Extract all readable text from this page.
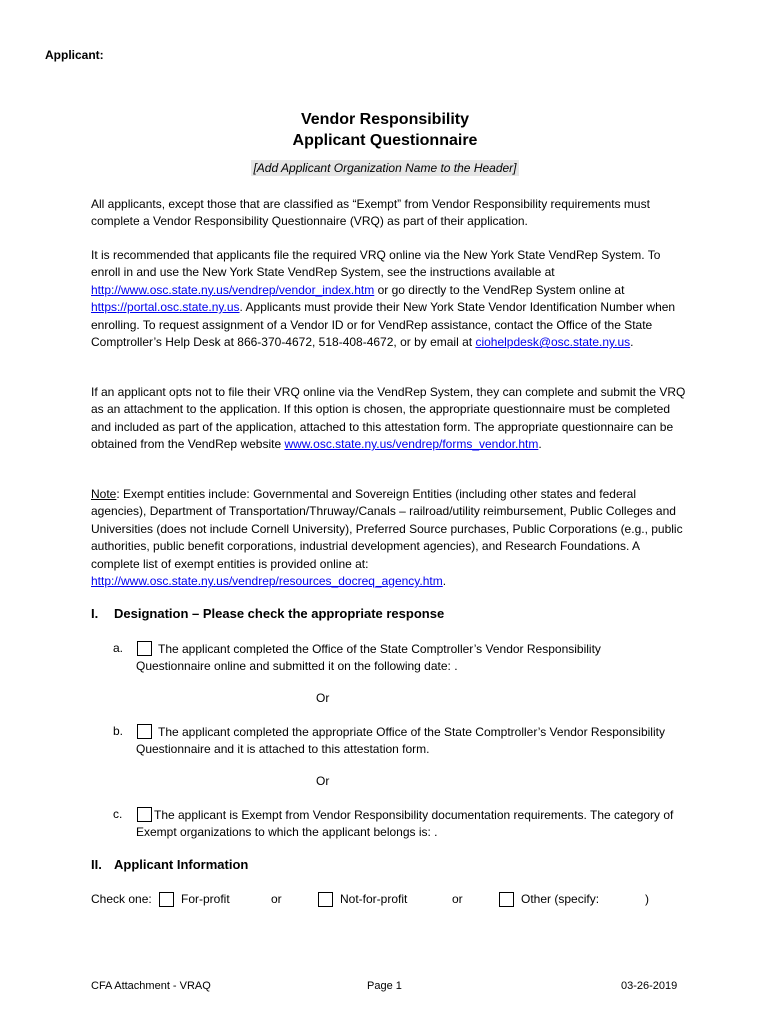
Applicant:
Vendor Responsibility
Applicant Questionnaire
[Add Applicant Organization Name to the Header]
All applicants, except those that are classified as “Exempt” from Vendor Responsibility requirements must complete a Vendor Responsibility Questionnaire (VRQ) as part of their application.
It is recommended that applicants file the required VRQ online via the New York State VendRep System. To enroll in and use the New York State VendRep System, see the instructions available at http://www.osc.state.ny.us/vendrep/vendor_index.htm or go directly to the VendRep System online at https://portal.osc.state.ny.us. Applicants must provide their New York State Vendor Identification Number when enrolling. To request assignment of a Vendor ID or for VendRep assistance, contact the Office of the State Comptroller’s Help Desk at 866-370-4672, 518-408-4672, or by email at ciohelpdesk@osc.state.ny.us.
If an applicant opts not to file their VRQ online via the VendRep System, they can complete and submit the VRQ as an attachment to the application. If this option is chosen, the appropriate questionnaire must be completed and included as part of the application, attached to this attestation form. The appropriate questionnaire can be obtained from the VendRep website www.osc.state.ny.us/vendrep/forms_vendor.htm.
Note: Exempt entities include: Governmental and Sovereign Entities (including other states and federal agencies), Department of Transportation/Thruway/Canals – railroad/utility reimbursement, Public Colleges and Universities (does not include Cornell University), Preferred Source purchases, Public Corporations (e.g., public authorities, public benefit corporations, industrial development agencies), and Research Foundations. A complete list of exempt entities is provided online at: http://www.osc.state.ny.us/vendrep/resources_docreq_agency.htm.
I. Designation – Please check the appropriate response
a.	The applicant completed the Office of the State Comptroller’s Vendor Responsibility Questionnaire online and submitted it on the following date: .
Or
b.	The applicant completed the appropriate Office of the State Comptroller’s Vendor Responsibility Questionnaire and it is attached to this attestation form.
Or
c.	The applicant is Exempt from Vendor Responsibility documentation requirements. The category of Exempt organizations to which the applicant belongs is: .
II. Applicant Information
Check one: For-profit	or	Not-for-profit	or	Other (specify:	)
CFA Attachment - VRAQ	Page 1	03-26-2019
